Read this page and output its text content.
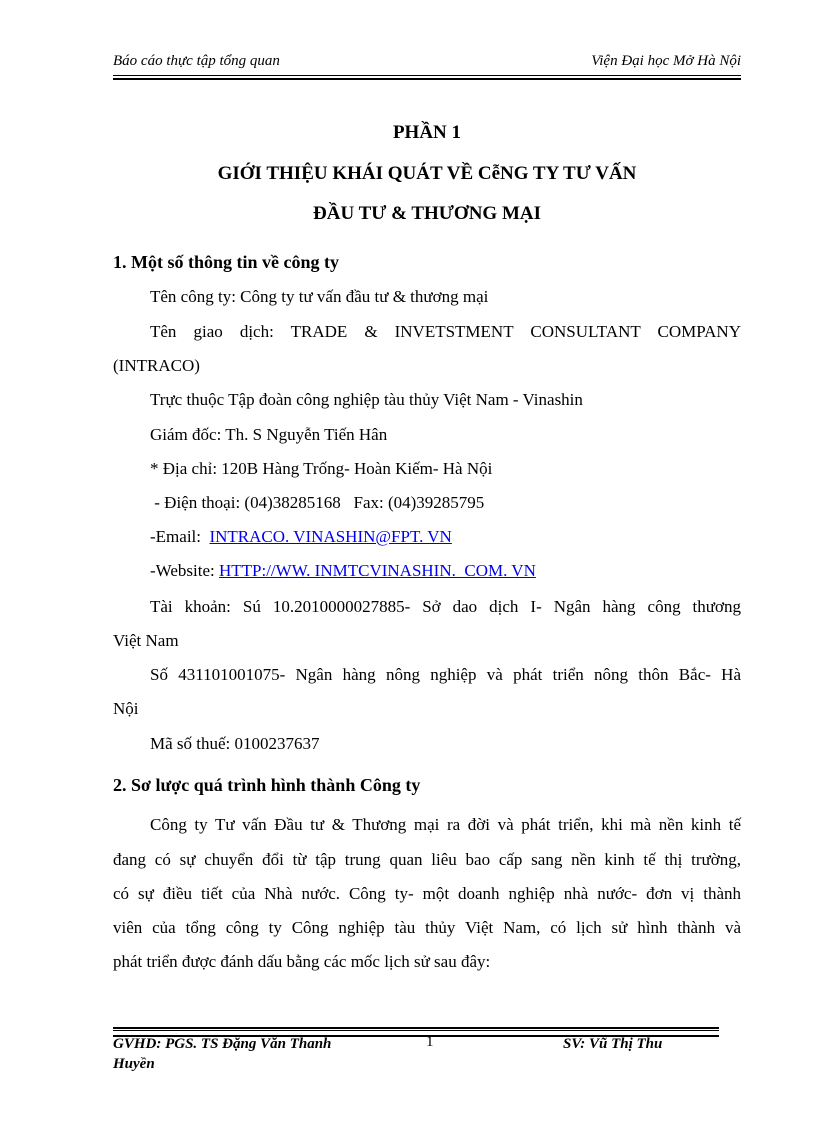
Báo cáo thực tập tổng quan	Viện Đại học Mở Hà Nội
PHẦN 1
GIỚI THIỆU KHÁI QUÁT VỀ CễNG TY TƯ VẤN
ĐẦU TƯ & THƯƠNG MẠI
1. Một số thông tin về công ty
Tên công ty: Công ty tư vấn đầu tư & thương mại
Tên giao dịch: TRADE & INVETSTMENT CONSULTANT COMPANY
(INTRACO)
Trực thuộc Tập đoàn công nghiệp tàu thủy Việt Nam - Vinashin
Giám đốc: Th. S Nguyễn Tiến Hân
* Địa chỉ: 120B Hàng Trống- Hoàn Kiếm- Hà Nội
- Điện thoại: (04)38285168   Fax: (04)39285795
-Email:  INTRACO. VINASHIN@FPT. VN
-Website: HTTP://WW. INMTCVINASHIN.  COM. VN
Tài khoản: Sú 10.2010000027885- Sở dao dịch I- Ngân hàng công thương
Việt Nam
Số 431101001075- Ngân hàng nông nghiệp và phát triển nông thôn Bắc- Hà
Nội
Mã số thuế: 0100237637
2. Sơ lược quá trình hình thành Công ty
Công ty Tư vấn Đầu tư & Thương mại ra đời và phát triển, khi mà nền kinh tế
đang có sự chuyển đổi từ tập trung quan liêu bao cấp sang nền kinh tế thị trường,
có sự điều tiết của Nhà nước. Công ty- một doanh nghiệp nhà nước- đơn vị thành
viên của tổng công ty Công nghiệp tàu thủy Việt Nam, có lịch sử hình thành và
phát triển được đánh dấu bằng các mốc lịch sử sau đây:
GVHD: PGS. TS Đặng Văn Thanh
Huyền
1	SV: Vũ Thị Thu
